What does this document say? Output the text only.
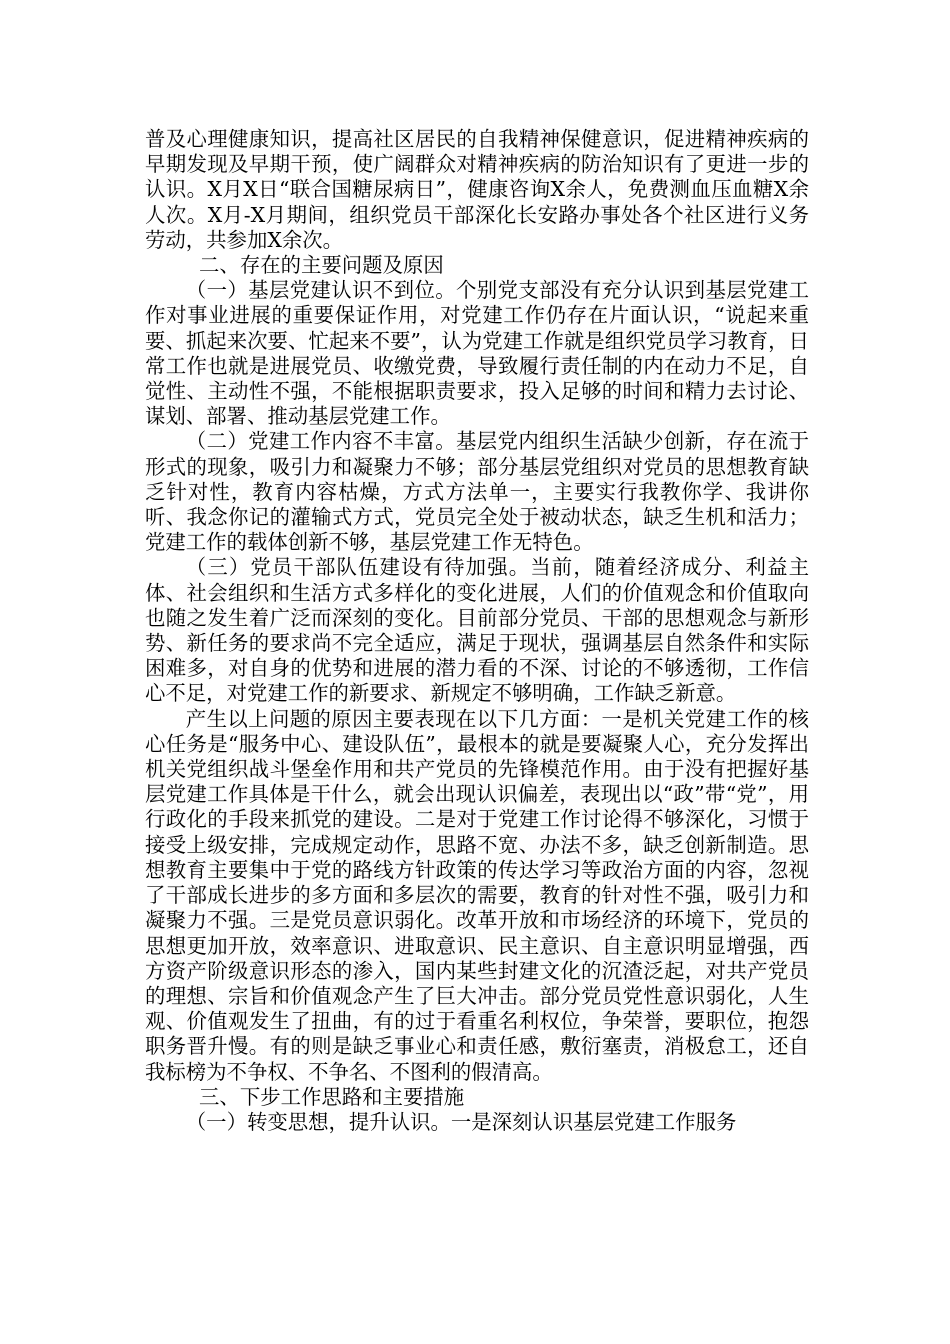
普及心理健康知识，提高社区居民的自我精神保健意识，促进精神疾病的早期发现及早期干预，使广阔群众对精神疾病的防治知识有了更进一步的认识。X月X日“联合国糖尿病日”，健康咨询X余人，免费测血压血糖X余人次。X月-X月期间，组织党员干部深化长安路办事处各个社区进行义务劳动，共参加X余次。

二、存在的主要问题及原因

（一）基层党建认识不到位。个别党支部没有充分认识到基层党建工作对事业进展的重要保证作用，对党建工作仍存在片面认识，“说起来重要、抓起来次要、忙起来不要”，认为党建工作就是组织党员学习教育，日常工作也就是进展党员、收缴党费，导致履行责任制的内在动力不足，自觉性、主动性不强，不能根据职责要求，投入足够的时间和精力去讨论、谋划、部署、推动基层党建工作。

（二）党建工作内容不丰富。基层党内组织生活缺少创新，存在流于形式的现象，吸引力和凝聚力不够；部分基层党组织对党员的思想教育缺乏针对性，教育内容枯燥，方式方法单一，主要实行我教你学、我讲你听、我念你记的灌输式方式，党员完全处于被动状态，缺乏生机和活力；党建工作的载体创新不够，基层党建工作无特色。

（三）党员干部队伍建设有待加强。当前，随着经济成分、利益主体、社会组织和生活方式多样化的变化进展，人们的价值观念和价值取向也随之发生着广泛而深刻的变化。目前部分党员、干部的思想观念与新形势、新任务的要求尚不完全适应，满足于现状，强调基层自然条件和实际困难多，对自身的优势和进展的潜力看的不深、讨论的不够透彻，工作信心不足，对党建工作的新要求、新规定不够明确，工作缺乏新意。

产生以上问题的原因主要表现在以下几方面：一是机关党建工作的核心任务是“服务中心、建设队伍”，最根本的就是要凝聚人心，充分发挥出机关党组织战斗堡垒作用和共产党员的先锋模范作用。由于没有把握好基层党建工作具体是干什么，就会出现认识偏差，表现出以“政”带“党”，用行政化的手段来抓党的建设。二是对于党建工作讨论得不够深化，习惯于接受上级安排，完成规定动作，思路不宽、办法不多，缺乏创新制造。思想教育主要集中于党的路线方针政策的传达学习等政治方面的内容，忽视了干部成长进步的多方面和多层次的需要，教育的针对性不强，吸引力和凝聚力不强。三是党员意识弱化。改革开放和市场经济的环境下，党员的思想更加开放，效率意识、进取意识、民主意识、自主意识明显增强，西方资产阶级意识形态的渗入，国内某些封建文化的沉渣泛起，对共产党员的理想、宗旨和价值观念产生了巨大冲击。部分党员党性意识弱化，人生观、价值观发生了扭曲，有的过于看重名利权位，争荣誉，要职位，抱怨职务晋升慢。有的则是缺乏事业心和责任感，敷衍塞责，消极怠工，还自我标榜为不争权、不争名、不图利的假清高。

三、下步工作思路和主要措施

（一）转变思想，提升认识。一是深刻认识基层党建工作服务
